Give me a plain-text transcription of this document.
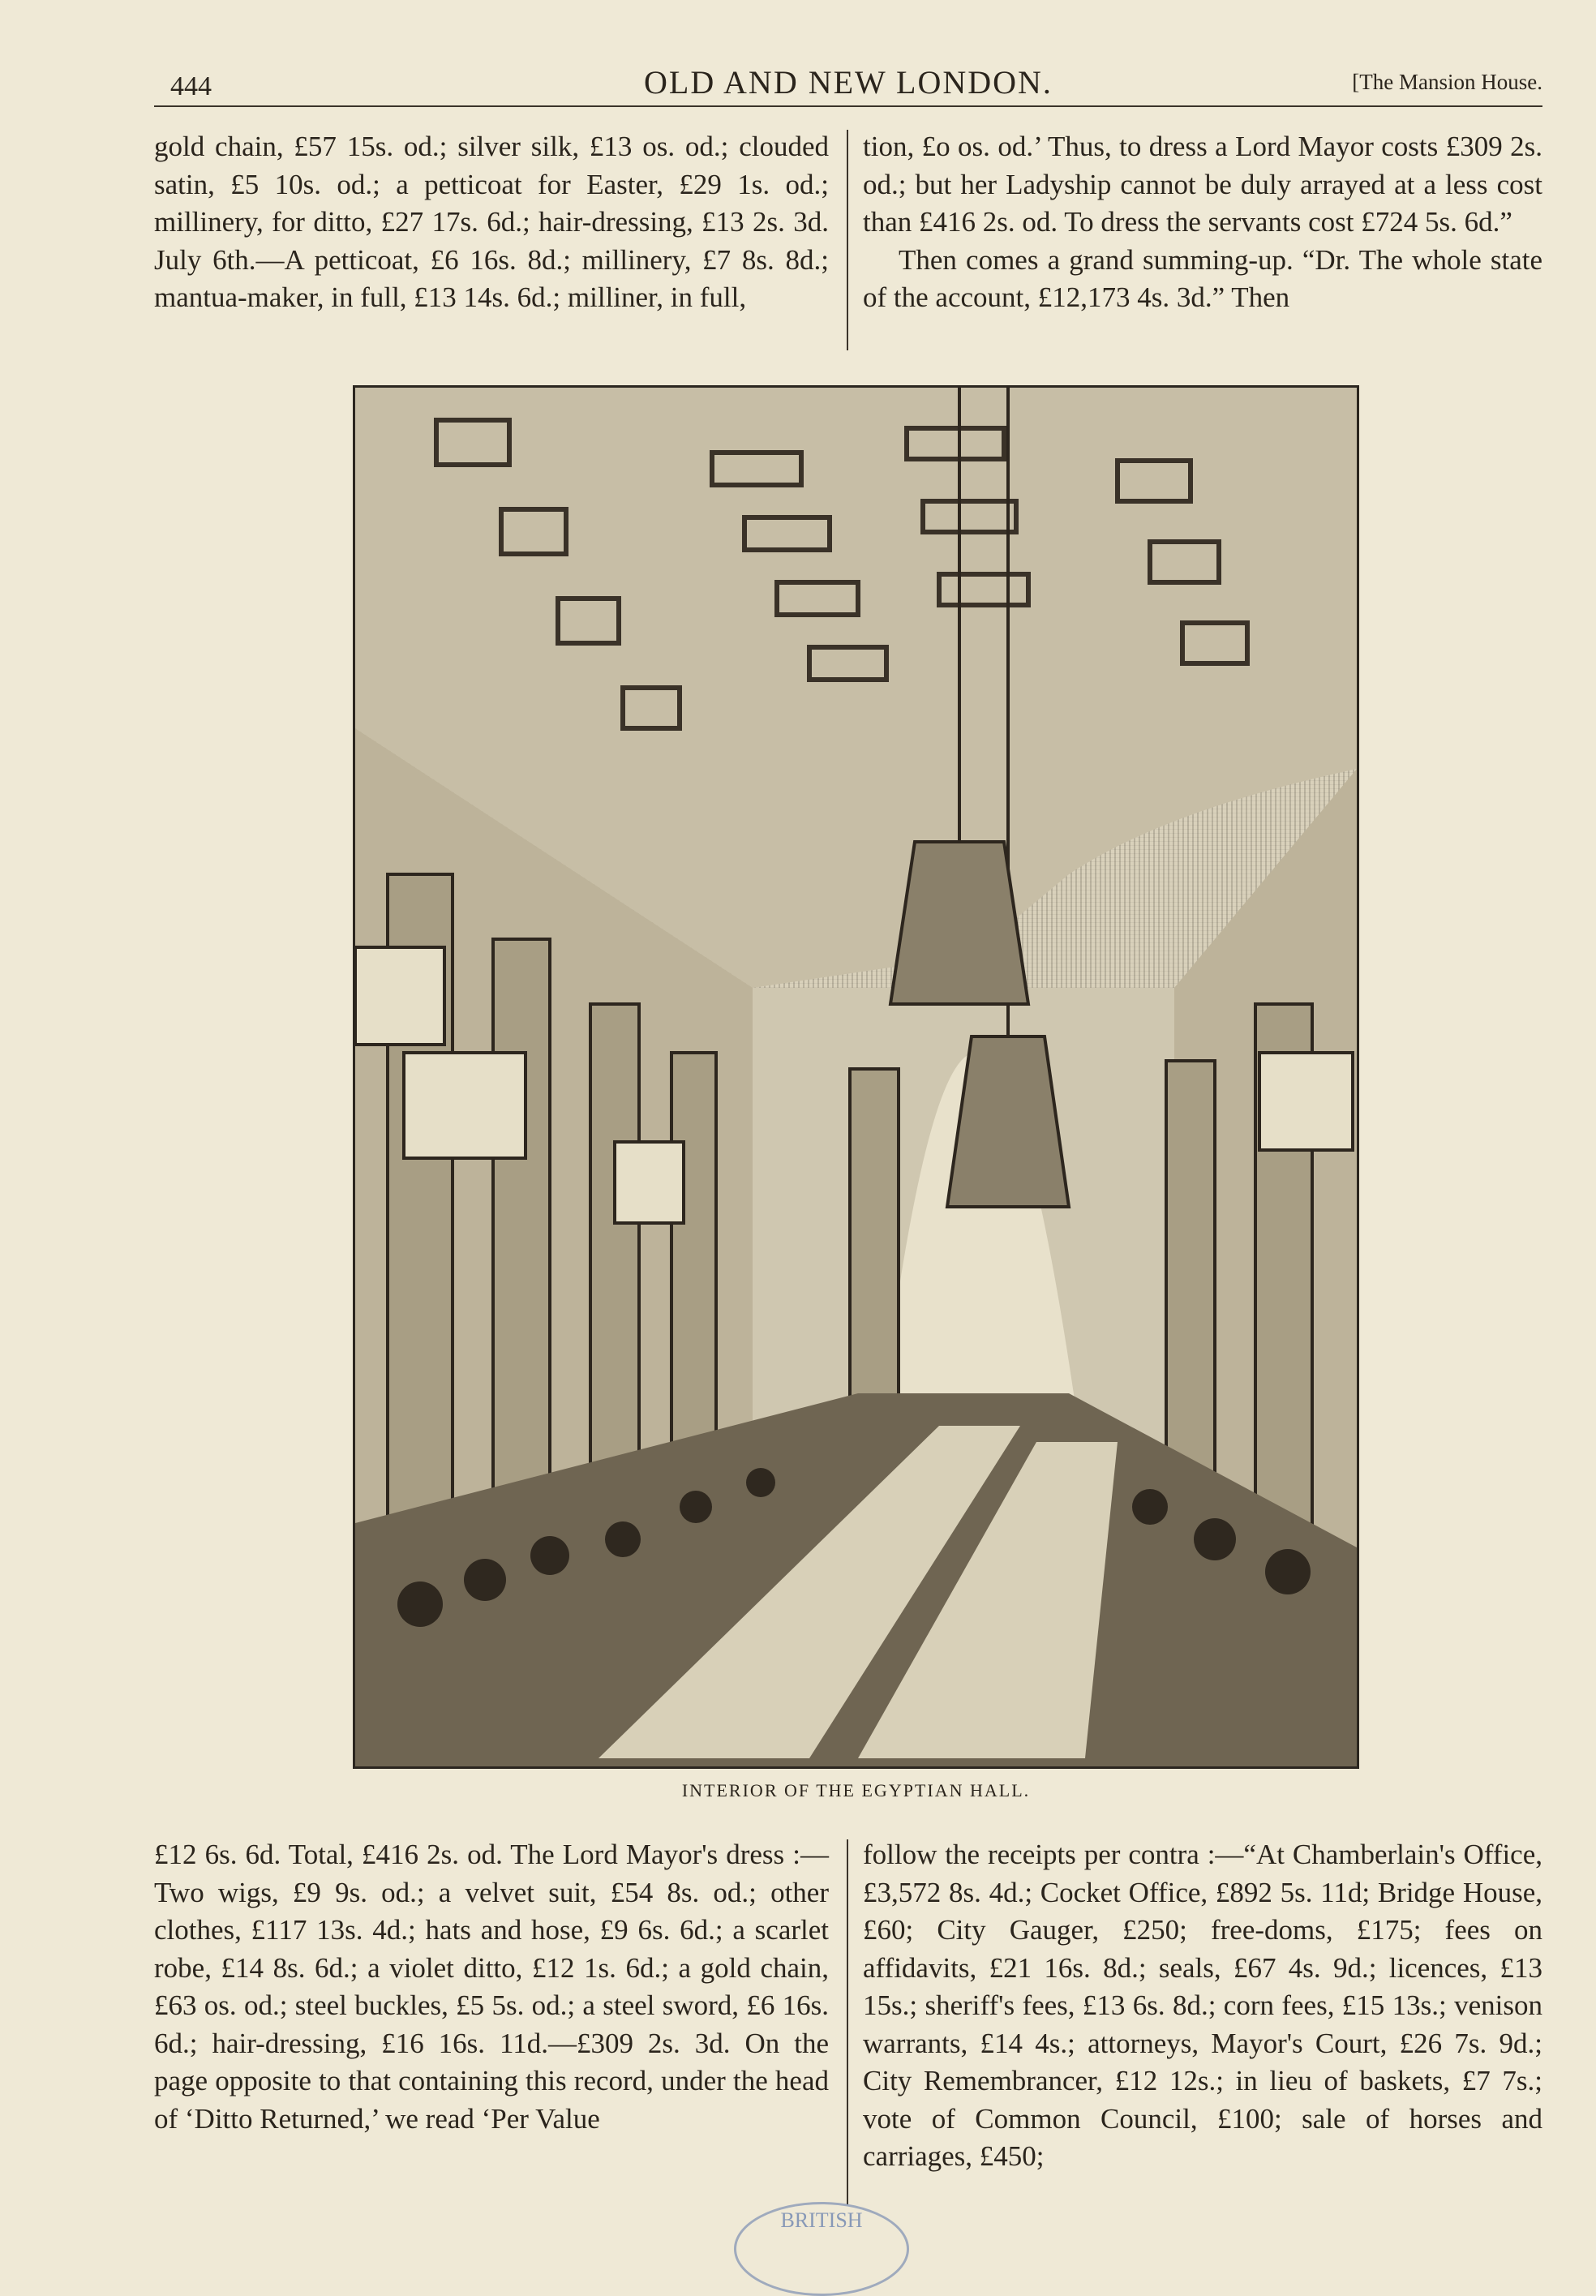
444	OLD AND NEW LONDON.	[The Mansion House.

gold chain, £57 15s. od.; silver silk, £13 os. od.; clouded satin, £5 10s. od.; a petticoat for Easter, £29 1s. od.; millinery, for ditto, £27 17s. 6d.; hair-dressing, £13 2s. 3d. July 6th.—A petticoat, £6 16s. 8d.; millinery, £7 8s. 8d.; mantua-maker, in full, £13 14s. 6d.; milliner, in full,

tion, £o os. od.’ Thus, to dress a Lord Mayor costs £309 2s. od.; but her Ladyship cannot be duly arrayed at a less cost than £416 2s. od. To dress the servants cost £724 5s. 6d.”

Then comes a grand summing-up. “Dr. The whole state of the account, £12,173 4s. 3d.” Then

INTERIOR OF THE EGYPTIAN HALL.

£12 6s. 6d. Total, £416 2s. od. The Lord Mayor's dress :—Two wigs, £9 9s. od.; a velvet suit, £54 8s. od.; other clothes, £117 13s. 4d.; hats and hose, £9 6s. 6d.; a scarlet robe, £14 8s. 6d.; a violet ditto, £12 1s. 6d.; a gold chain, £63 os. od.; steel buckles, £5 5s. od.; a steel sword, £6 16s. 6d.; hair-dressing, £16 16s. 11d.—£309 2s. 3d. On the page opposite to that containing this record, under the head of ‘Ditto Returned,’ we read ‘Per Value

follow the receipts per contra :—“At Chamberlain's Office, £3,572 8s. 4d.; Cocket Office, £892 5s. 11d; Bridge House, £60; City Gauger, £250; free-doms, £175; fees on affidavits, £21 16s. 8d.; seals, £67 4s. 9d.; licences, £13 15s.; sheriff's fees, £13 6s. 8d.; corn fees, £15 13s.; venison warrants, £14 4s.; attorneys, Mayor's Court, £26 7s. 9d.; City Remembrancer, £12 12s.; in lieu of baskets, £7 7s.; vote of Common Council, £100; sale of horses and carriages, £450;

BRITISH
